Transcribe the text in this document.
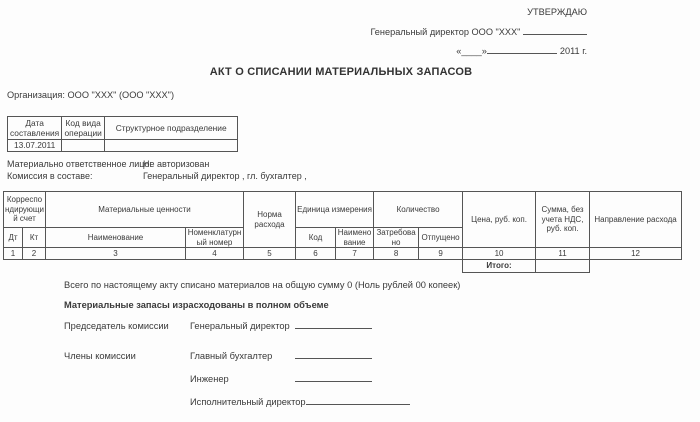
УТВЕРЖДАЮ
Генеральный директор ООО "ХХХ"
«____»	2011 г.
АКТ О СПИСАНИИ МАТЕРИАЛЬНЫХ ЗАПАСОВ
Организация: ООО "ХХХ" (ООО "ХХХ")
Дата составления	Код вида операции	Структурное подразделение
13.07.2011		
Материально ответственное лицо:
Не авторизован
Комиссия в составе:	Генеральный директор , гл. бухгалтер ,
Корреспондирующий счет		Материальные ценности		Норма расхода	Единица измерения		Количество		Цена, руб. коп.	Сумма, без учета НДС, руб. коп.	Направление расхода
Дт	Кт	Наименование	Номенклатурный номер		Код	Наименование	Затребовано	Отпущено			
1	2	3	4	5	6	7	8	9	10	11	12
									Итого:		
Всего по настоящему акту списано материалов на общую сумму 0 (Ноль рублей 00 копеек)
Материальные запасы израсходованы в полном объеме
Председатель комиссии Генеральный директор
Члены комиссии	Главный бухгалтер
Инженер
Исполнительный директор
